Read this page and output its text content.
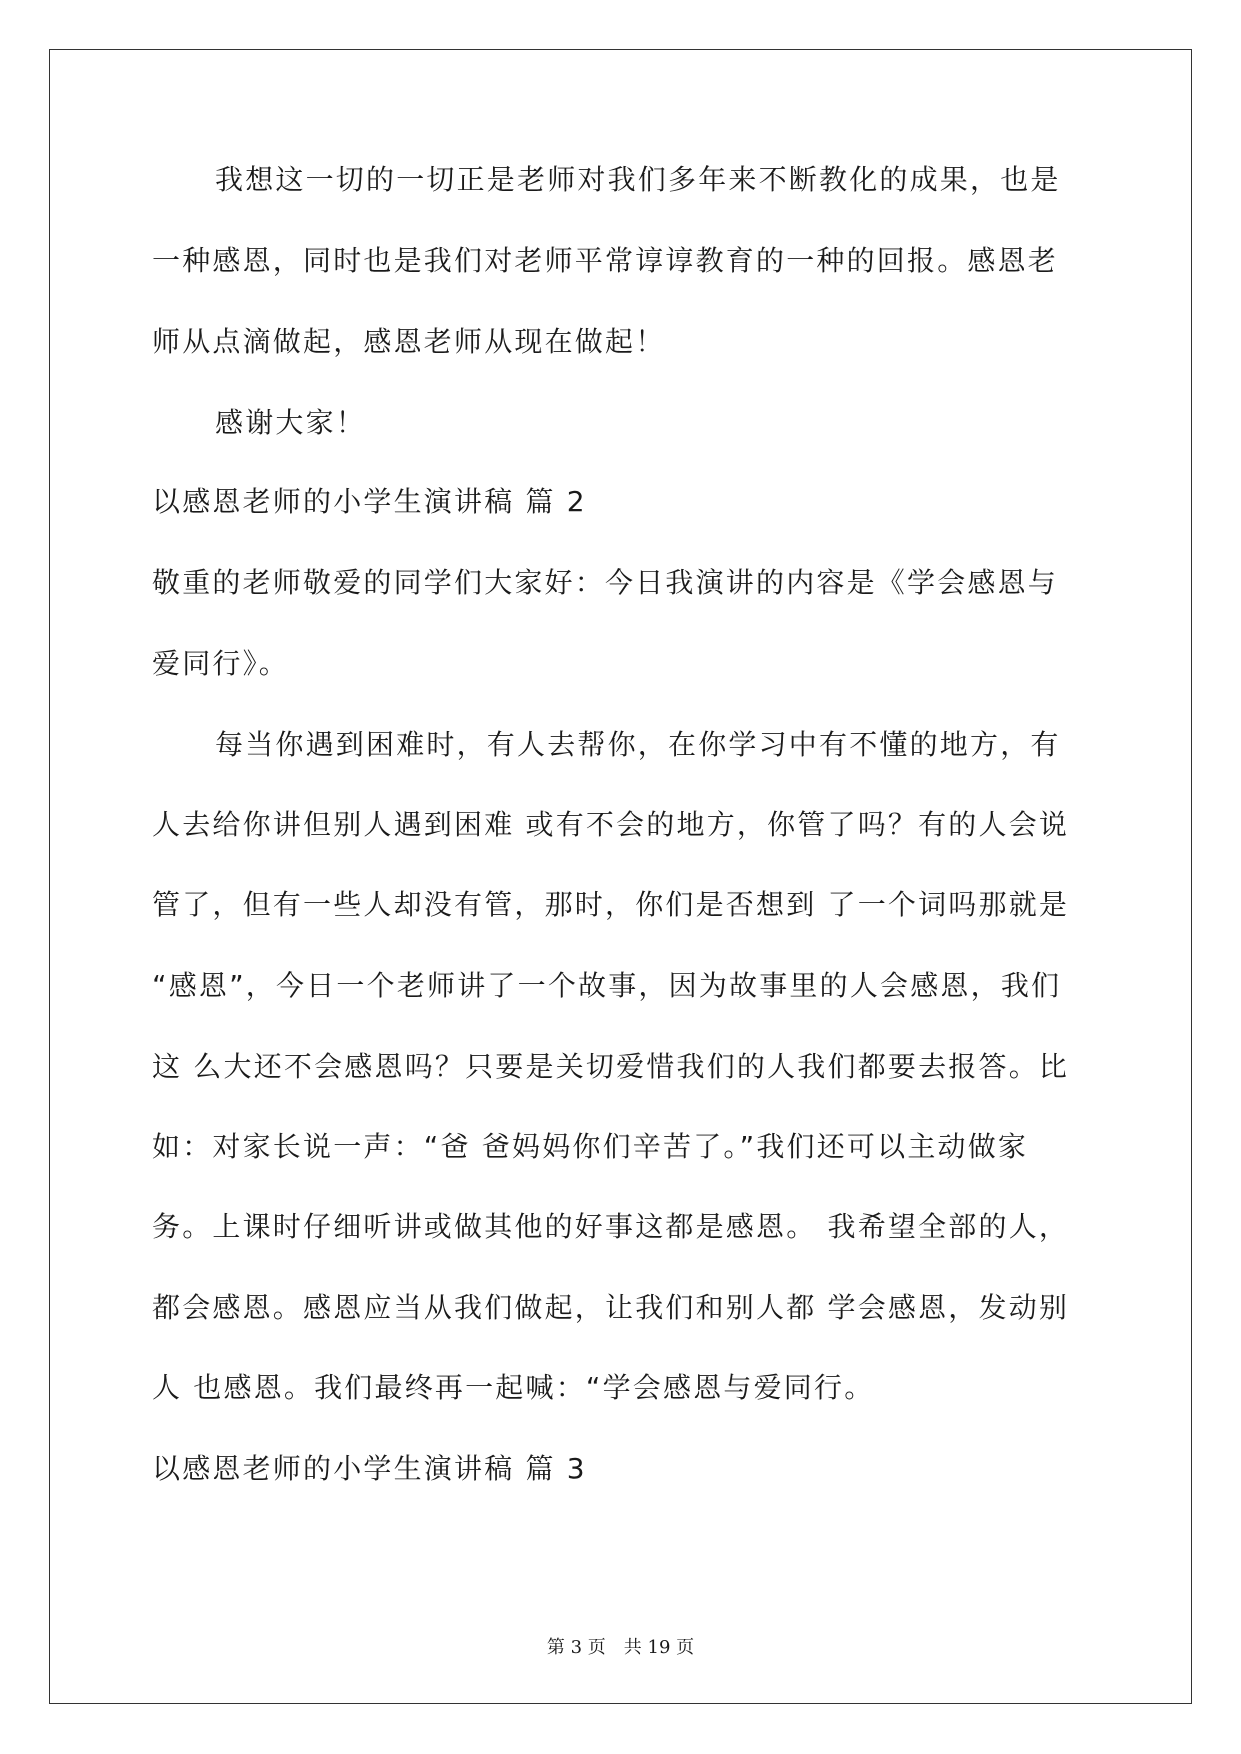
我想这一切的一切正是老师对我们多年来不断教化的成果，也是
一种感恩，同时也是我们对老师平常谆谆教育的一种的回报。感恩老
师从点滴做起，感恩老师从现在做起！
感谢大家！
以感恩老师的小学生演讲稿 篇 2
敬重的老师敬爱的同学们大家好：今日我演讲的内容是《学会感恩与
爱同行》。
每当你遇到困难时，有人去帮你，在你学习中有不懂的地方，有
人去给你讲但别人遇到困难 或有不会的地方，你管了吗？有的人会说
管了，但有一些人却没有管，那时，你们是否想到 了一个词吗那就是
“感恩”，今日一个老师讲了一个故事，因为故事里的人会感恩，我们
这 么大还不会感恩吗？只要是关切爱惜我们的人我们都要去报答。比
如：对家长说一声：“爸 爸妈妈你们辛苦了。”我们还可以主动做家
务。上课时仔细听讲或做其他的好事这都是感恩。 我希望全部的人，
都会感恩。感恩应当从我们做起，让我们和别人都 学会感恩，发动别
人 也感恩。我们最终再一起喊：“学会感恩与爱同行。
以感恩老师的小学生演讲稿 篇 3
第 3 页 共 19 页
